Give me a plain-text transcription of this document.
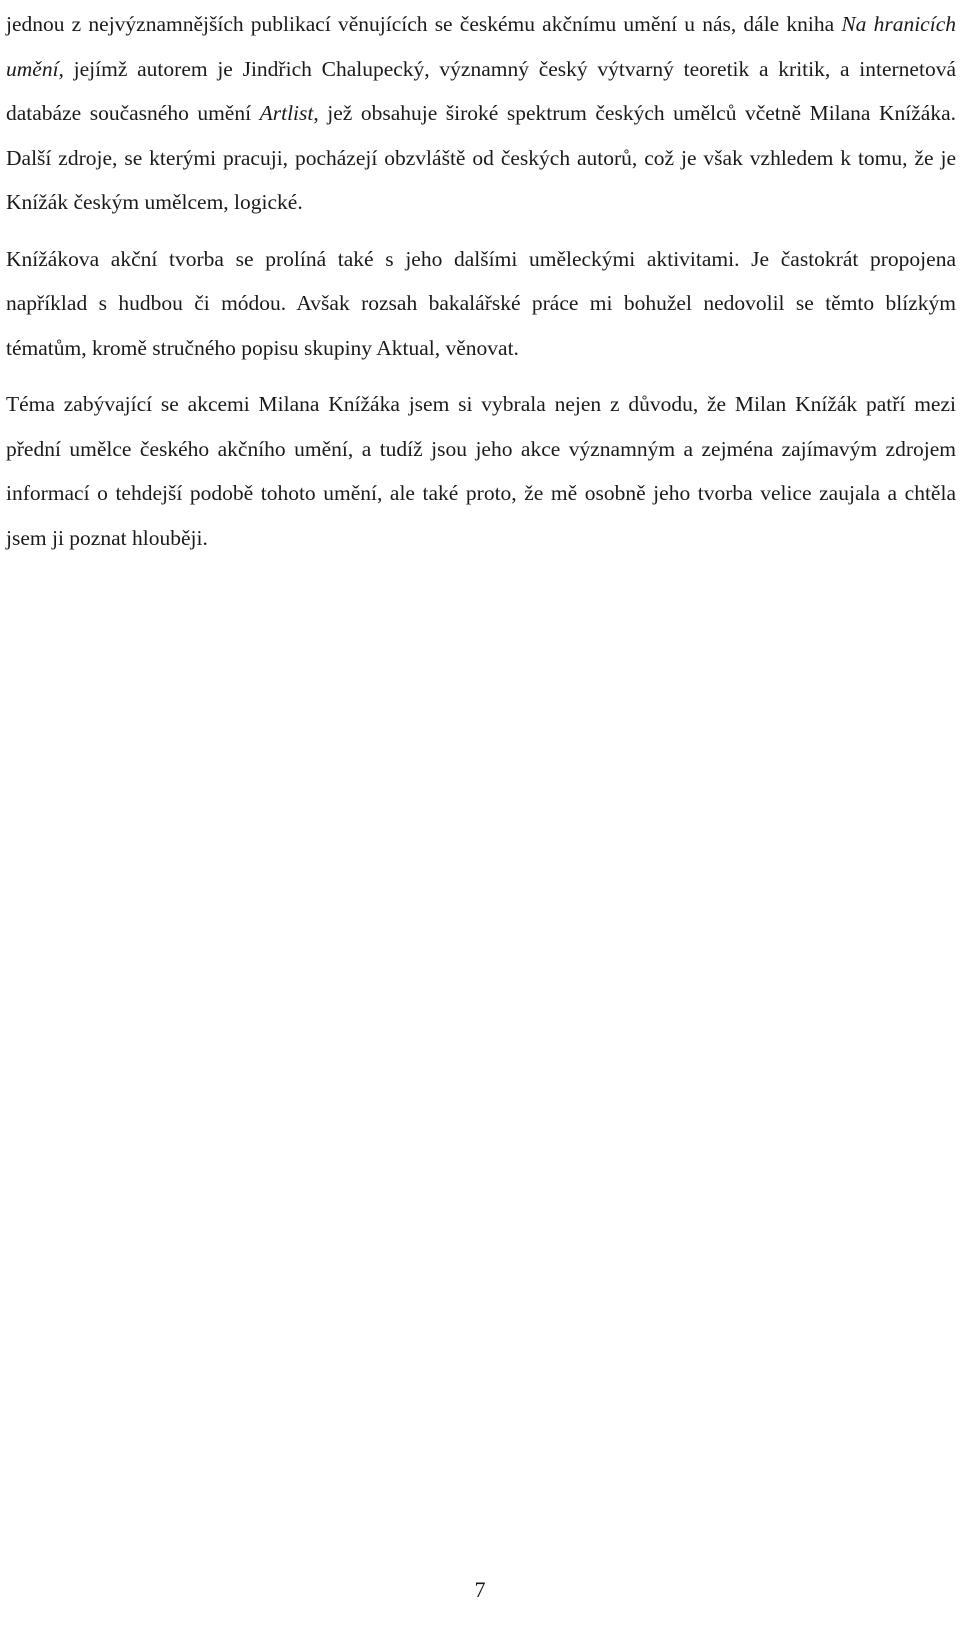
jednou z nejvýznamnějších publikací věnujících se českému akčnímu umění u nás, dále kniha Na hranicích umění, jejímž autorem je Jindřich Chalupecký, významný český výtvarný teoretik a kritik, a internetová databáze současného umění Artlist, jež obsahuje široké spektrum českých umělců včetně Milana Knížáka. Další zdroje, se kterými pracuji, pocházejí obzvláště od českých autorů, což je však vzhledem k tomu, že je Knížák českým umělcem, logické.

Knížákova akční tvorba se prolíná také s jeho dalšími uměleckými aktivitami. Je častokrát propojena například s hudbou či módou. Avšak rozsah bakalářské práce mi bohužel nedovolil se těmto blízkým tématům, kromě stručného popisu skupiny Aktual, věnovat.

Téma zabývající se akcemi Milana Knížáka jsem si vybrala nejen z důvodu, že Milan Knížák patří mezi přední umělce českého akčního umění, a tudíž jsou jeho akce významným a zejména zajímavým zdrojem informací o tehdejší podobě tohoto umění, ale také proto, že mě osobně jeho tvorba velice zaujala a chtěla jsem ji poznat hlouběji.

7
